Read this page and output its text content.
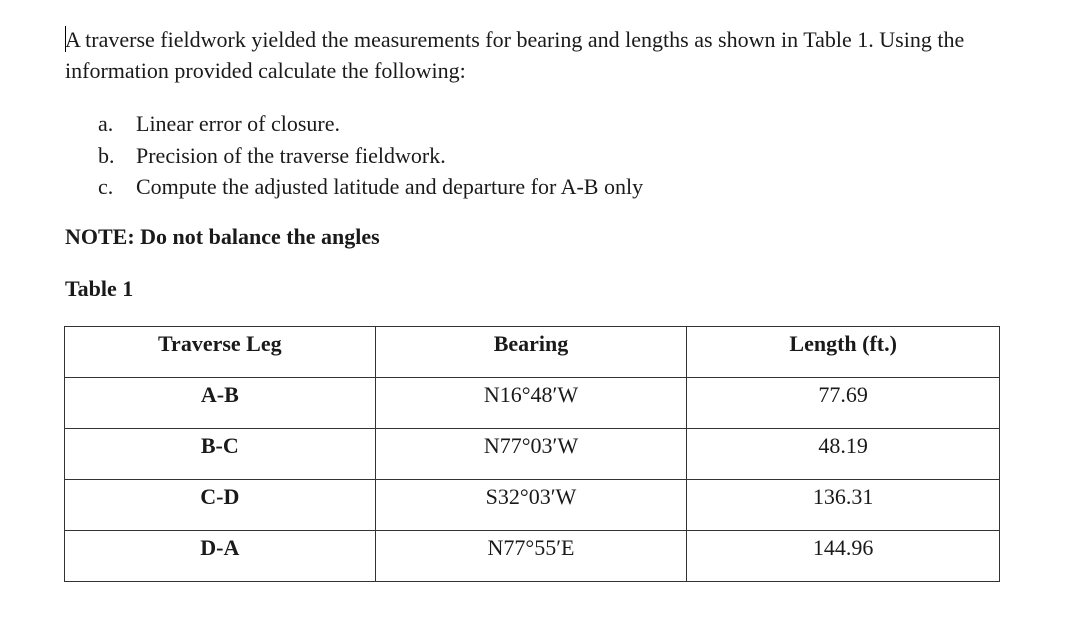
A traverse fieldwork yielded the measurements for bearing and lengths as shown in Table 1. Using the information provided calculate the following:

a.	Linear error of closure.
b. Precision of the traverse fieldwork.
c.	Compute the adjusted latitude and departure for A-B only

NOTE: Do not balance the angles

Table 1

Traverse Leg	Bearing	Length (ft.)
A-B	N16°48′W	77.69
B-C	N77°03′W	48.19
C-D	S32°03′W	136.31
D-A	N77°55′E	144.96
